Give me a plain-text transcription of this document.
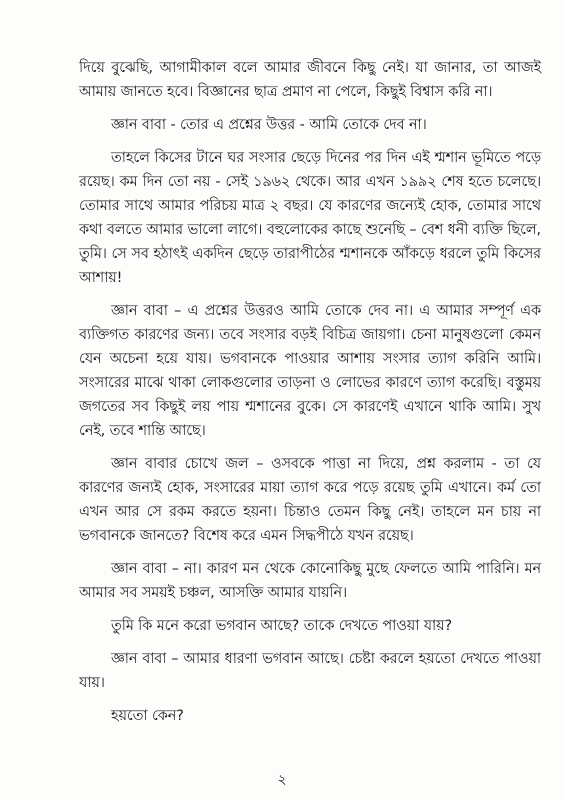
দিয়ে বুঝেছি, আগামীকাল বলে আমার জীবনে কিছু নেই। যা জানার, তা আজই আমায় জানতে হবে। বিজ্ঞানের ছাত্র প্রমাণ না পেলে, কিছুই বিশ্বাস করি না।

জ্ঞান বাবা - তোর এ প্রশ্নের উত্তর - আমি তোকে দেব না।

তাহলে কিসের টানে ঘর সংসার ছেড়ে দিনের পর দিন এই শ্মশান ভূমিতে পড়ে রয়েছ। কম দিন তো নয় - সেই ১৯৬২ থেকে। আর এখন ১৯৯২ শেষ হতে চলেছে। তোমার সাথে আমার পরিচয় মাত্র ২ বছর। যে কারণের জন্যেই হোক, তোমার সাথে কথা বলতে আমার ভালো লাগে। বহুলোকের কাছে শুনেছি – বেশ ধনী ব্যক্তি ছিলে, তুমি। সে সব হঠাৎই একদিন ছেড়ে তারাপীঠের শ্মশানকে আঁকড়ে ধরলে তুমি কিসের আশায়!

জ্ঞান বাবা – এ প্রশ্নের উত্তরও আমি তোকে দেব না। এ আমার সম্পূর্ণ এক ব্যক্তিগত কারণের জন্য। তবে সংসার বড়ই বিচিত্র জায়গা। চেনা মানুষগুলো কেমন যেন অচেনা হয়ে যায়। ভগবানকে পাওয়ার আশায় সংসার ত্যাগ করিনি আমি। সংসারের মাঝে থাকা লোকগুলোর তাড়না ও লোভের কারণে ত্যাগ করেছি। বস্তুময় জগতের সব কিছুই লয় পায় শ্মশানের বুকে। সে কারণেই এখানে থাকি আমি। সুখ নেই, তবে শান্তি আছে।

জ্ঞান বাবার চোখে জল – ওসবকে পাত্তা না দিয়ে, প্রশ্ন করলাম - তা যে কারণের জন্যই হোক, সংসারের মায়া ত্যাগ করে পড়ে রয়েছ তুমি এখানে। কর্ম তো এখন আর সে রকম করতে হয়না। চিন্তাও তেমন কিছু নেই। তাহলে মন চায় না ভগবানকে জানতে? বিশেষ করে এমন সিদ্ধপীঠে যখন রয়েছ।

জ্ঞান বাবা – না। কারণ মন থেকে কোনোকিছু মুছে ফেলতে আমি পারিনি। মন আমার সব সময়ই চঞ্চল, আসক্তি আমার যায়নি।

তুমি কি মনে করো ভগবান আছে? তাকে দেখতে পাওয়া যায়?

জ্ঞান বাবা – আমার ধারণা ভগবান আছে। চেষ্টা করলে হয়তো দেখতে পাওয়া যায়।

হয়তো কেন?

২
